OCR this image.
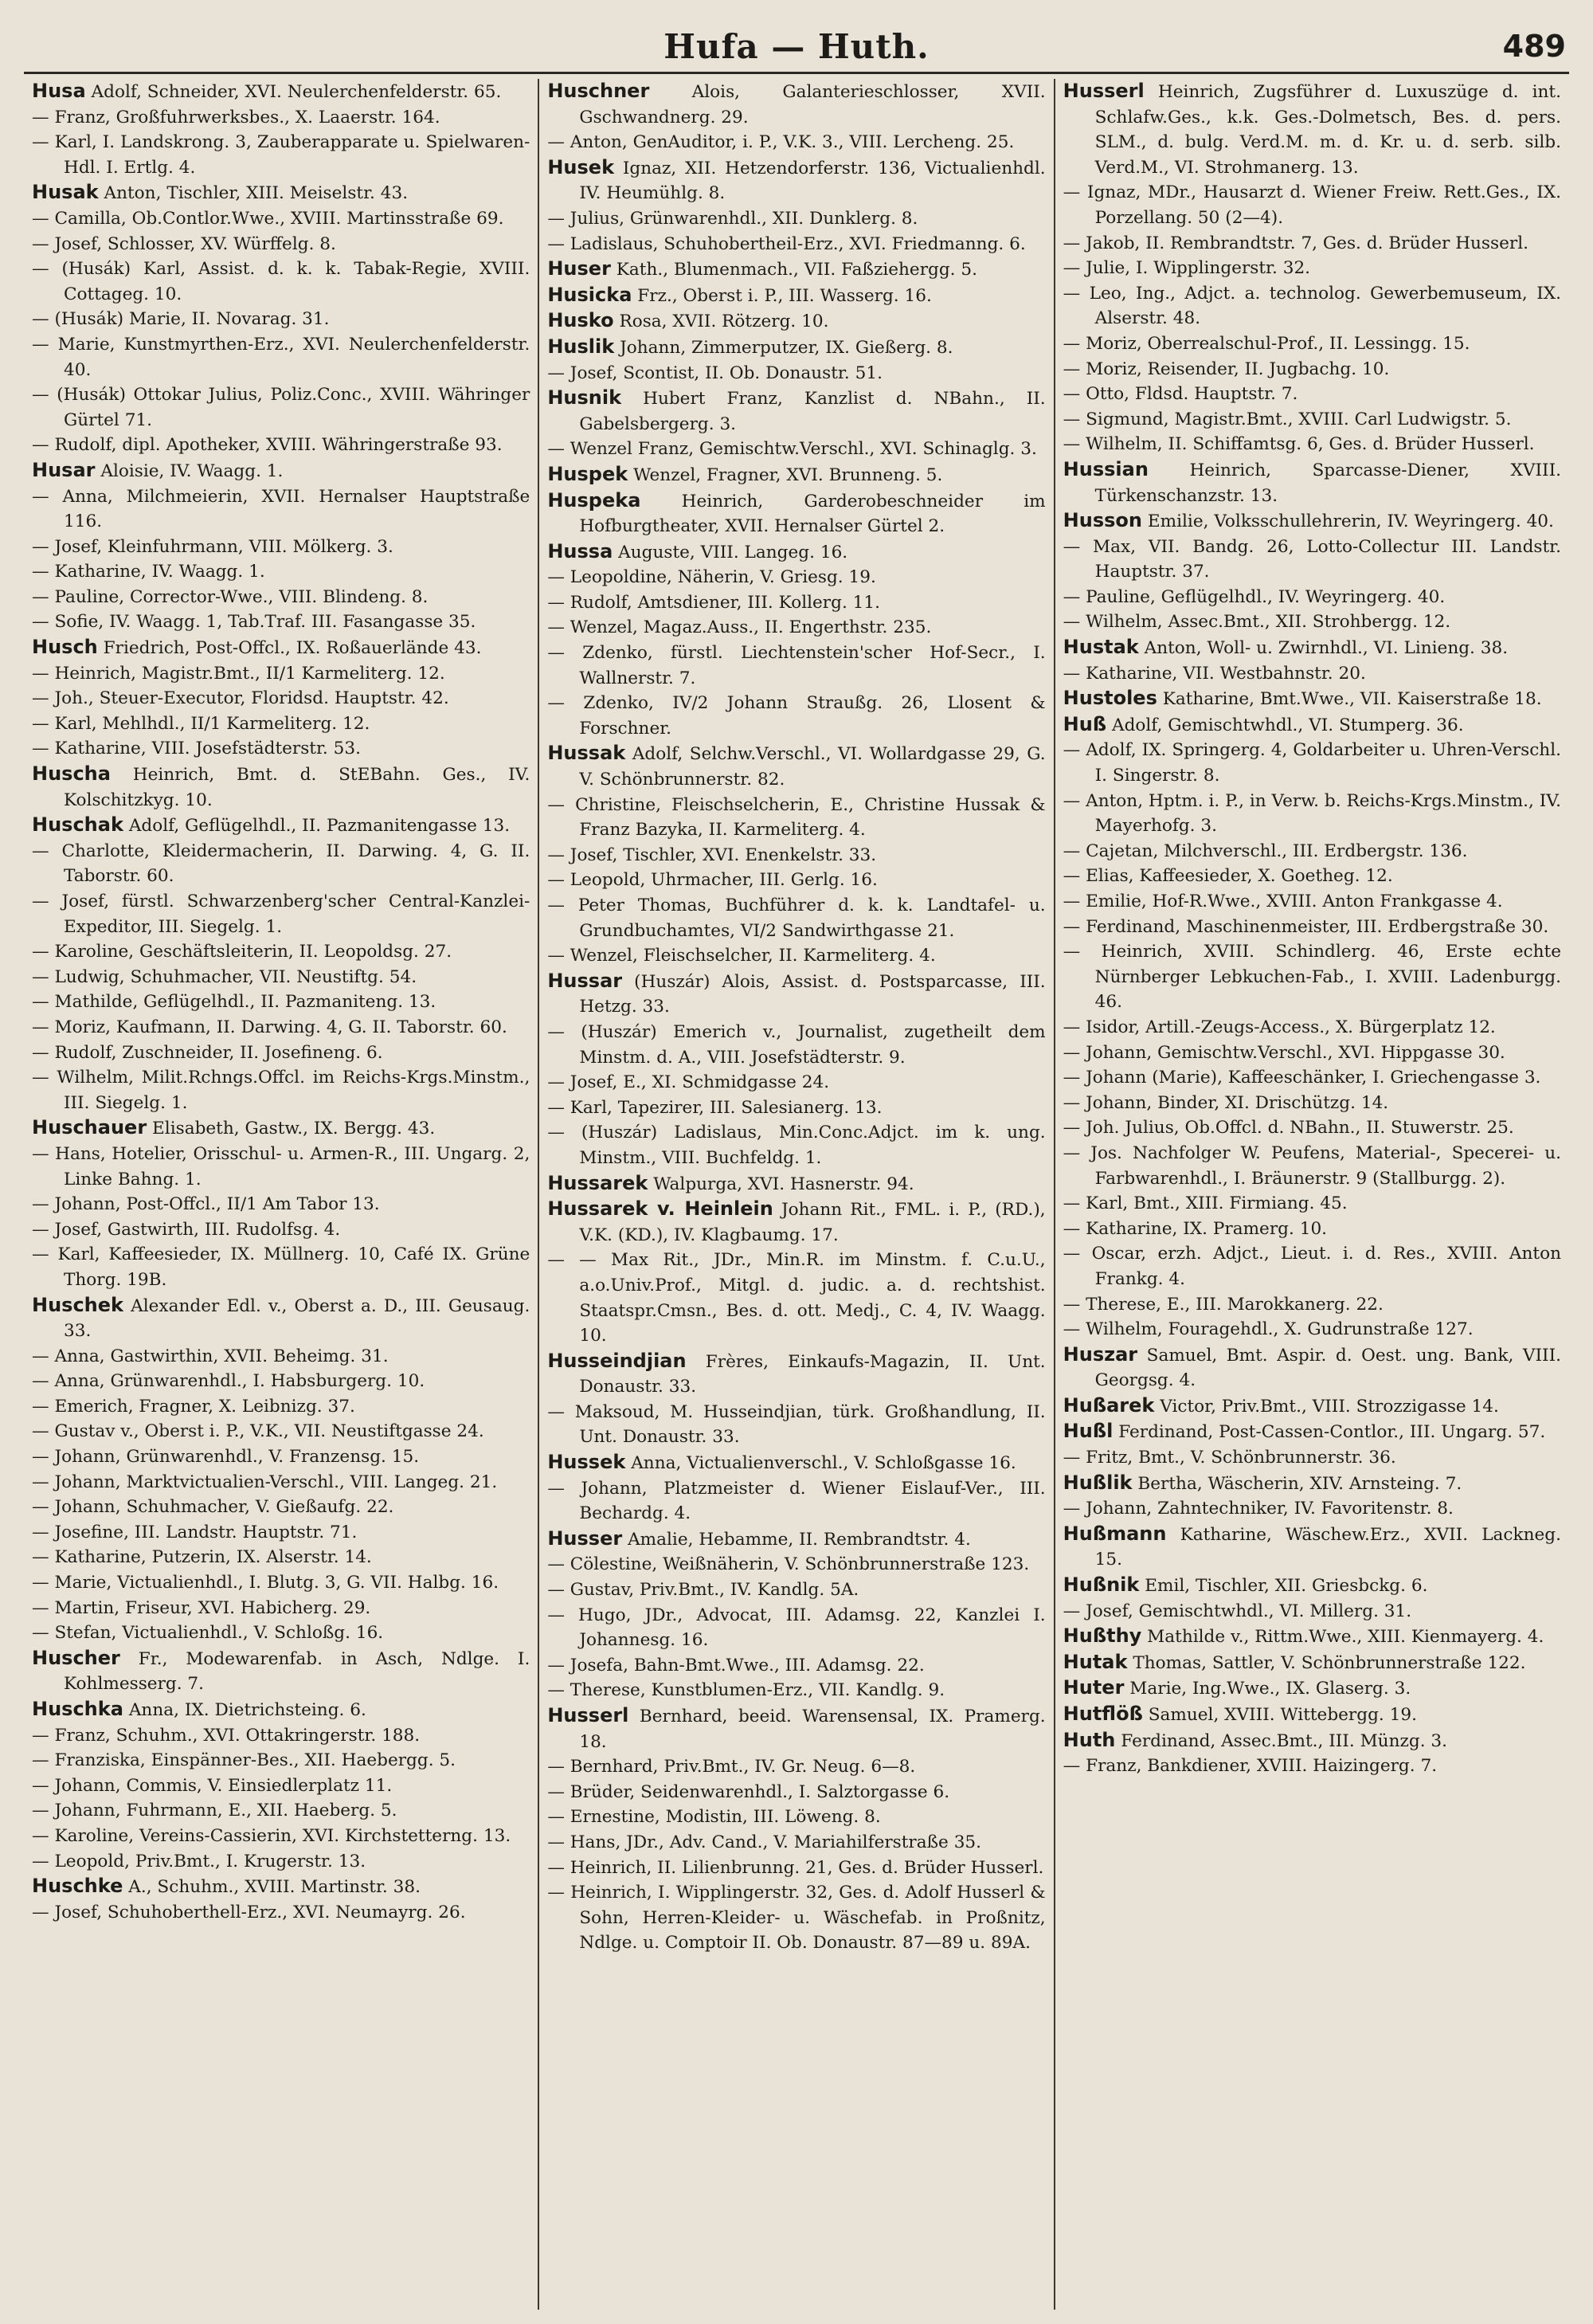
Hufa — Huth.	489
Husa Adolf, Schneider, XVI. Neulerchenfelderstr. 65.
— Franz, Großfuhrwerksbes., X. Laaerstr. 164.
— Karl, I. Landskrong. 3, Zauberapparate u. Spielwaren-Hdl. I. Ertlg. 4.
Husak Anton, Tischler, XIII. Meiselstr. 43.
— Camilla, Ob.Contlor.Wwe., XVIII. Martinsstraße 69.
— Josef, Schlosser, XV. Würffelg. 8.
— (Husák) Karl, Assist. d. k. k. Tabak-Regie, XVIII. Cottageg. 10.
— (Husák) Marie, II. Novarag. 31.
— Marie, Kunstmyrthen-Erz., XVI. Neulerchenfelderstr. 40.
— (Husák) Ottokar Julius, Poliz.Conc., XVIII. Währinger Gürtel 71.
— Rudolf, dipl. Apotheker, XVIII. Währingerstraße 93.
Husar Aloisie, IV. Waagg. 1.
— Anna, Milchmeierin, XVII. Hernalser Hauptstraße 116.
— Josef, Kleinfuhrmann, VIII. Mölkerg. 3.
— Katharine, IV. Waagg. 1.
— Pauline, Corrector-Wwe., VIII. Blindeng. 8.
— Sofie, IV. Waagg. 1, Tab.Traf. III. Fasangasse 35.
Husch Friedrich, Post-Offcl., IX. Roßauerlände 43.
— Heinrich, Magistr.Bmt., II/1 Karmeliterg. 12.
— Joh., Steuer-Executor, Floridsd. Hauptstr. 42.
— Karl, Mehlhdl., II/1 Karmeliterg. 12.
— Katharine, VIII. Josefstädterstr. 53.
Huscha Heinrich, Bmt. d. StEBahn. Ges., IV. Kolschitzkyg. 10.
Huschak Adolf, Geflügelhdl., II. Pazmanitengasse 13.
— Charlotte, Kleidermacherin, II. Darwing. 4, G. II. Taborstr. 60.
— Josef, fürstl. Schwarzenberg'scher Central-Kanzlei-Expeditor, III. Siegelg. 1.
— Karoline, Geschäftsleiterin, II. Leopoldsg. 27.
— Ludwig, Schuhmacher, VII. Neustiftg. 54.
— Mathilde, Geflügelhdl., II. Pazmaniteng. 13.
— Moriz, Kaufmann, II. Darwing. 4, G. II. Taborstr. 60.
— Rudolf, Zuschneider, II. Josefineng. 6.
— Wilhelm, Milit.Rchngs.Offcl. im Reichs-Krgs.Minstm., III. Siegelg. 1.
Huschauer Elisabeth, Gastw., IX. Bergg. 43.
— Hans, Hotelier, Orisschul- u. Armen-R., III. Ungarg. 2, Linke Bahng. 1.
— Johann, Post-Offcl., II/1 Am Tabor 13.
— Josef, Gastwirth, III. Rudolfsg. 4.
— Karl, Kaffeesieder, IX. Müllnerg. 10, Café IX. Grüne Thorg. 19B.
Huschek Alexander Edl. v., Oberst a. D., III. Geusaug. 33.
— Anna, Gastwirthin, XVII. Beheimg. 31.
— Anna, Grünwarenhdl., I. Habsburgerg. 10.
— Emerich, Fragner, X. Leibnizg. 37.
— Gustav v., Oberst i. P., V.K., VII. Neustiftgasse 24.
— Johann, Grünwarenhdl., V. Franzensg. 15.
— Johann, Marktvictualien-Verschl., VIII. Langeg. 21.
— Johann, Schuhmacher, V. Gießaufg. 22.
— Josefine, III. Landstr. Hauptstr. 71.
— Katharine, Putzerin, IX. Alserstr. 14.
— Marie, Victualienhdl., I. Blutg. 3, G. VII. Halbg. 16.
— Martin, Friseur, XVI. Habicherg. 29.
— Stefan, Victualienhdl., V. Schloßg. 16.
Huscher Fr., Modewarenfab. in Asch, Ndlge. I. Kohlmesserg. 7.
Huschka Anna, IX. Dietrichsteing. 6.
— Franz, Schuhm., XVI. Ottakringerstr. 188.
— Franziska, Einspänner-Bes., XII. Haebergg. 5.
— Johann, Commis, V. Einsiedlerplatz 11.
— Johann, Fuhrmann, E., XII. Haeberg. 5.
— Karoline, Vereins-Cassierin, XVI. Kirchstetterng. 13.
— Leopold, Priv.Bmt., I. Krugerstr. 13.
Huschke A., Schuhm., XVIII. Martinstr. 38.
— Josef, Schuhoberthell-Erz., XVI. Neumayrg. 26.
Huschner Alois, Galanterieschlosser, XVII. Gschwandnerg. 29.
— Anton, GenAuditor, i. P., V.K. 3., VIII. Lercheng. 25.
Husek Ignaz, XII. Hetzendorferstr. 136, Victualienhdl. IV. Heumühlg. 8.
— Julius, Grünwarenhdl., XII. Dunklerg. 8.
— Ladislaus, Schuhobertheil-Erz., XVI. Friedmanng. 6.
Huser Kath., Blumenmach., VII. Faßziehergg. 5.
Husicka Frz., Oberst i. P., III. Wasserg. 16.
Husko Rosa, XVII. Rötzerg. 10.
Huslik Johann, Zimmerputzer, IX. Gießerg. 8.
— Josef, Scontist, II. Ob. Donaustr. 51.
Husnik Hubert Franz, Kanzlist d. NBahn., II. Gabelsbergerg. 3.
— Wenzel Franz, Gemischtw.Verschl., XVI. Schinaglg. 3.
Huspek Wenzel, Fragner, XVI. Brunneng. 5.
Huspeka Heinrich, Garderobeschneider im Hofburgtheater, XVII. Hernalser Gürtel 2.
Hussa Auguste, VIII. Langeg. 16.
— Leopoldine, Näherin, V. Griesg. 19.
— Rudolf, Amtsdiener, III. Kollerg. 11.
— Wenzel, Magaz.Auss., II. Engerthstr. 235.
— Zdenko, fürstl. Liechtenstein'scher Hof-Secr., I. Wallnerstr. 7.
— Zdenko, IV/2 Johann Straußg. 26, Llosent & Forschner.
Hussak Adolf, Selchw.Verschl., VI. Wollardgasse 29, G. V. Schönbrunnerstr. 82.
— Christine, Fleischselcherin, E., Christine Hussak & Franz Bazyka, II. Karmeliterg. 4.
— Josef, Tischler, XVI. Enenkelstr. 33.
— Leopold, Uhrmacher, III. Gerlg. 16.
— Peter Thomas, Buchführer d. k. k. Landtafel- u. Grundbuchamtes, VI/2 Sandwirthgasse 21.
— Wenzel, Fleischselcher, II. Karmeliterg. 4.
Hussar (Huszár) Alois, Assist. d. Postsparcasse, III. Hetzg. 33.
— (Huszár) Emerich v., Journalist, zugetheilt dem Minstm. d. A., VIII. Josefstädterstr. 9.
— Josef, E., XI. Schmidgasse 24.
— Karl, Tapezirer, III. Salesianerg. 13.
— (Huszár) Ladislaus, Min.Conc.Adjct. im k. ung. Minstm., VIII. Buchfeldg. 1.
Hussarek Walpurga, XVI. Hasnerstr. 94.
Hussarek v. Heinlein Johann Rit., FML. i. P., (RD.), V.K. (KD.), IV. Klagbaumg. 17.
— — Max Rit., JDr., Min.R. im Minstm. f. C.u.U., a.o.Univ.Prof., Mitgl. d. judic. a. d. rechtshist. Staatspr.Cmsn., Bes. d. ott. Medj., C. 4, IV. Waagg. 10.
Husseindjian Frères, Einkaufs-Magazin, II. Unt. Donaustr. 33.
— Maksoud, M. Husseindjian, türk. Großhandlung, II. Unt. Donaustr. 33.
Hussek Anna, Victualienverschl., V. Schloßgasse 16.
— Johann, Platzmeister d. Wiener Eislauf-Ver., III. Bechardg. 4.
Husser Amalie, Hebamme, II. Rembrandtstr. 4.
— Cölestine, Weißnäherin, V. Schönbrunnerstraße 123.
— Gustav, Priv.Bmt., IV. Kandlg. 5A.
— Hugo, JDr., Advocat, III. Adamsg. 22, Kanzlei I. Johannesg. 16.
— Josefa, Bahn-Bmt.Wwe., III. Adamsg. 22.
— Therese, Kunstblumen-Erz., VII. Kandlg. 9.
Husserl Bernhard, beeid. Warensensal, IX. Pramerg. 18.
— Bernhard, Priv.Bmt., IV. Gr. Neug. 6—8.
— Brüder, Seidenwarenhdl., I. Salztorgasse 6.
— Ernestine, Modistin, III. Löweng. 8.
— Hans, JDr., Adv. Cand., V. Mariahilferstraße 35.
— Heinrich, II. Lilienbrunng. 21, Ges. d. Brüder Husserl.
— Heinrich, I. Wipplingerstr. 32, Ges. d. Adolf Husserl & Sohn, Herren-Kleider- u. Wäschefab. in Proßnitz, Ndlge. u. Comptoir II. Ob. Donaustr. 87—89 u. 89A.
Husserl Heinrich, Zugsführer d. Luxuszüge d. int. Schlafw.Ges., k.k. Ges.-Dolmetsch, Bes. d. pers. SLM., d. bulg. Verd.M. m. d. Kr. u. d. serb. silb. Verd.M., VI. Strohmanerg. 13.
— Ignaz, MDr., Hausarzt d. Wiener Freiw. Rett.Ges., IX. Porzellang. 50 (2—4).
— Jakob, II. Rembrandtstr. 7, Ges. d. Brüder Husserl.
— Julie, I. Wipplingerstr. 32.
— Leo, Ing., Adjct. a. technolog. Gewerbemuseum, IX. Alserstr. 48.
— Moriz, Oberrealschul-Prof., II. Lessingg. 15.
— Moriz, Reisender, II. Jugbachg. 10.
— Otto, Fldsd. Hauptstr. 7.
— Sigmund, Magistr.Bmt., XVIII. Carl Ludwigstr. 5.
— Wilhelm, II. Schiffamtsg. 6, Ges. d. Brüder Husserl.
Hussian Heinrich, Sparcasse-Diener, XVIII. Türkenschanzstr. 13.
Husson Emilie, Volksschullehrerin, IV. Weyringerg. 40.
— Max, VII. Bandg. 26, Lotto-Collectur III. Landstr. Hauptstr. 37.
— Pauline, Geflügelhdl., IV. Weyringerg. 40.
— Wilhelm, Assec.Bmt., XII. Strohbergg. 12.
Hustak Anton, Woll- u. Zwirnhdl., VI. Linieng. 38.
— Katharine, VII. Westbahnstr. 20.
Hustoles Katharine, Bmt.Wwe., VII. Kaiserstraße 18.
Huß Adolf, Gemischtwhdl., VI. Stumperg. 36.
— Adolf, IX. Springerg. 4, Goldarbeiter u. Uhren-Verschl. I. Singerstr. 8.
— Anton, Hptm. i. P., in Verw. b. Reichs-Krgs.Minstm., IV. Mayerhofg. 3.
— Cajetan, Milchverschl., III. Erdbergstr. 136.
— Elias, Kaffeesieder, X. Goetheg. 12.
— Emilie, Hof-R.Wwe., XVIII. Anton Frankgasse 4.
— Ferdinand, Maschinenmeister, III. Erdbergstraße 30.
— Heinrich, XVIII. Schindlerg. 46, Erste echte Nürnberger Lebkuchen-Fab., I. XVIII. Ladenburgg. 46.
— Isidor, Artill.-Zeugs-Access., X. Bürgerplatz 12.
— Johann, Gemischtw.Verschl., XVI. Hippgasse 30.
— Johann (Marie), Kaffeeschänker, I. Griechengasse 3.
— Johann, Binder, XI. Drischützg. 14.
— Joh. Julius, Ob.Offcl. d. NBahn., II. Stuwerstr. 25.
— Jos. Nachfolger W. Peufens, Material-, Specerei- u. Farbwarenhdl., I. Bräunerstr. 9 (Stallburgg. 2).
— Karl, Bmt., XIII. Firmiang. 45.
— Katharine, IX. Pramerg. 10.
— Oscar, erzh. Adjct., Lieut. i. d. Res., XVIII. Anton Frankg. 4.
— Therese, E., III. Marokkanerg. 22.
— Wilhelm, Fouragehdl., X. Gudrunstraße 127.
Huszar Samuel, Bmt. Aspir. d. Oest. ung. Bank, VIII. Georgsg. 4.
Hußarek Victor, Priv.Bmt., VIII. Strozzigasse 14.
Hußl Ferdinand, Post-Cassen-Contlor., III. Ungarg. 57.
— Fritz, Bmt., V. Schönbrunnerstr. 36.
Hußlik Bertha, Wäscherin, XIV. Arnsteing. 7.
— Johann, Zahntechniker, IV. Favoritenstr. 8.
Hußmann Katharine, Wäschew.Erz., XVII. Lackneg. 15.
Hußnik Emil, Tischler, XII. Griesbckg. 6.
— Josef, Gemischtwhdl., VI. Millerg. 31.
Hußthy Mathilde v., Rittm.Wwe., XIII. Kienmayerg. 4.
Hutak Thomas, Sattler, V. Schönbrunnerstraße 122.
Huter Marie, Ing.Wwe., IX. Glaserg. 3.
Hutflöß Samuel, XVIII. Wittebergg. 19.
Huth Ferdinand, Assec.Bmt., III. Münzg. 3.
— Franz, Bankdiener, XVIII. Haizingerg. 7.
